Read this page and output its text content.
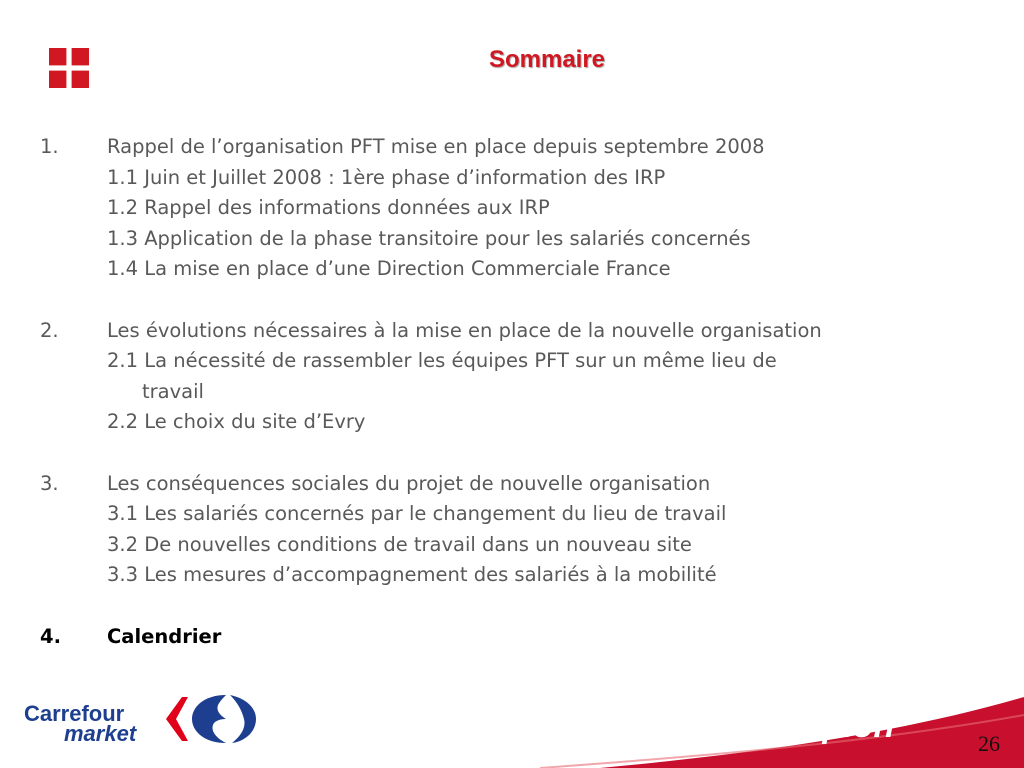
Sommaire
1. Rappel de l’organisation PFT mise en place depuis septembre 2008
1.1 Juin et Juillet 2008 : 1ère phase d’information des IRP
1.2 Rappel des informations données aux IRP
1.3 Application de la phase transitoire pour les salariés concernés
1.4 La mise en place d’une Direction Commerciale France
2. Les évolutions nécessaires à la mise en place de la nouvelle organisation
2.1 La nécessité de rassembler les équipes PFT sur un même lieu de
travail
2.2 Le choix du site d’Evry
3. Les conséquences sociales du projet de nouvelle organisation
3.1 Les salariés concernés par le changement du lieu de travail
3.2 De nouvelles conditions de travail dans un nouveau site
3.3 Les mesures d’accompagnement des salariés à la mobilité
4. Calendrier
Carrefour
market	Champion	26
